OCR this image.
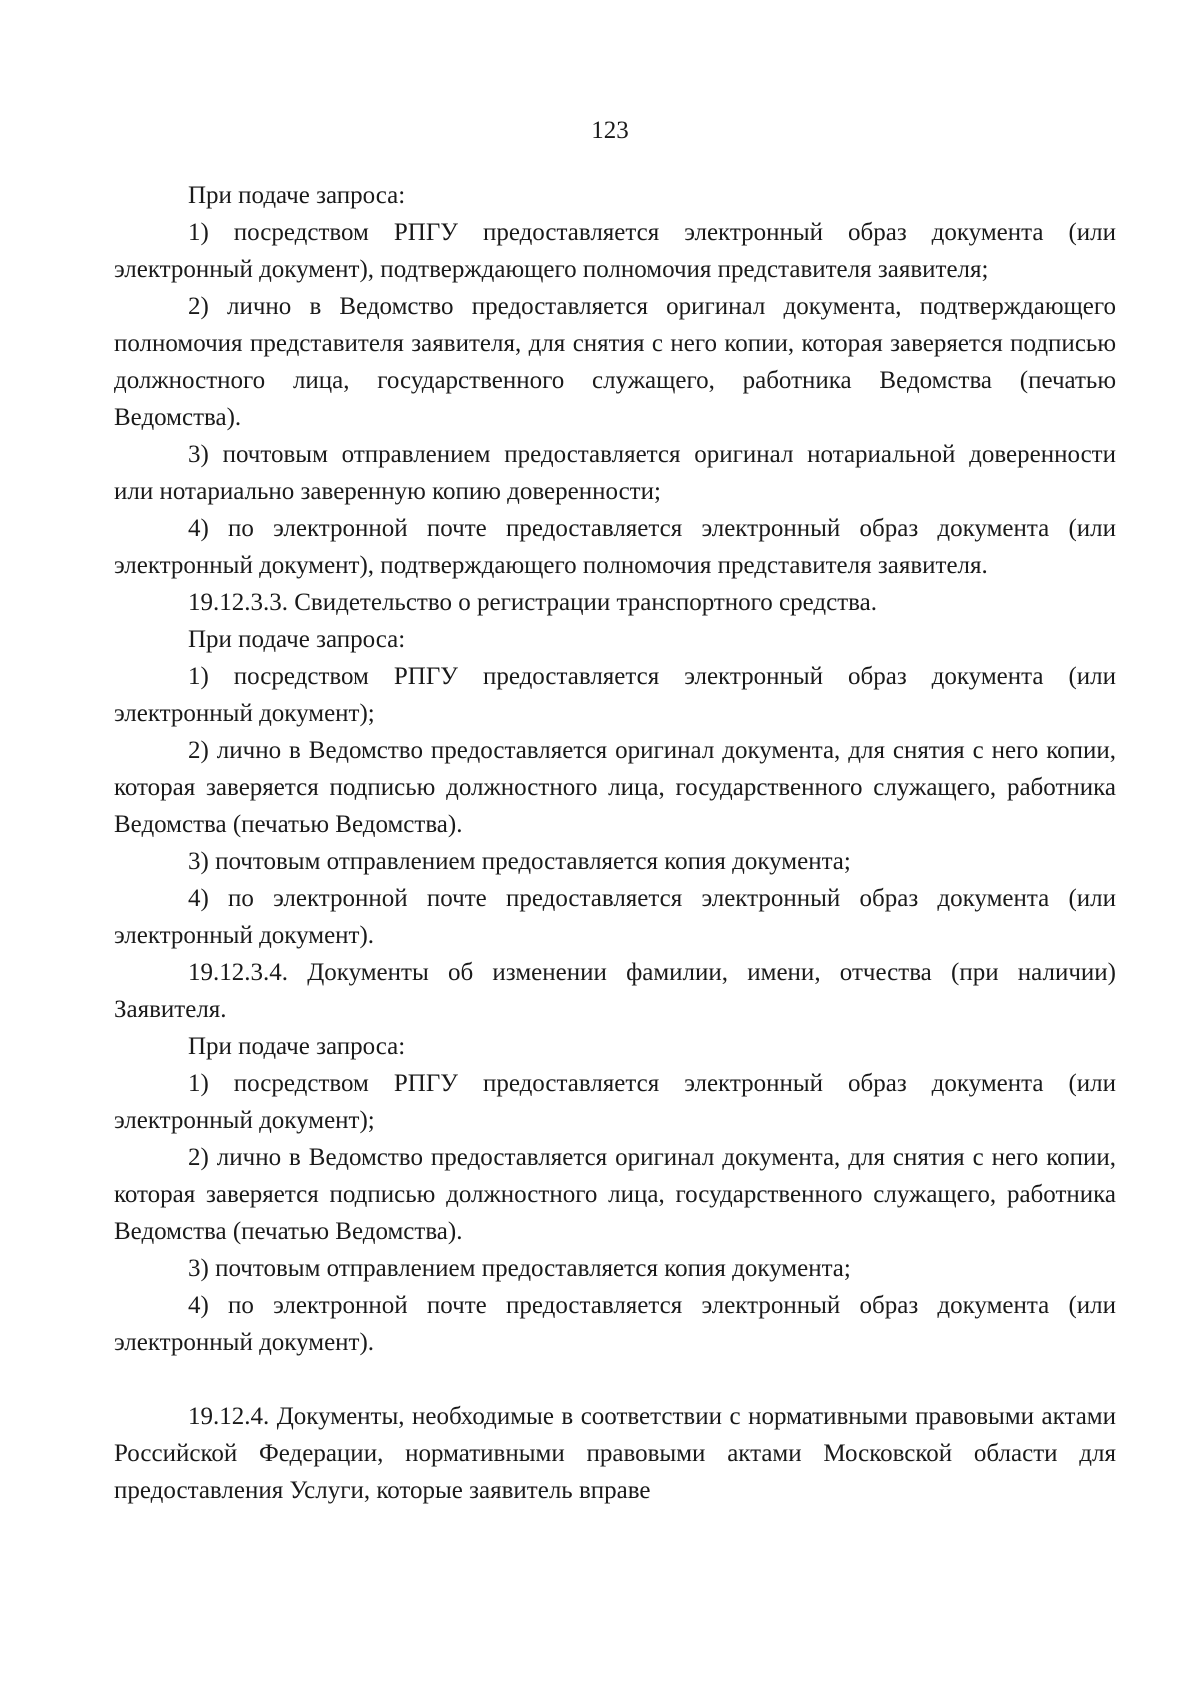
123

При подаче запроса:

1) посредством РПГУ предоставляется электронный образ документа (или электронный документ), подтверждающего полномочия представителя заявителя;

2) лично в Ведомство предоставляется оригинал документа, подтверждающего полномочия представителя заявителя, для снятия с него копии, которая заверяется подписью должностного лица, государственного служащего, работника Ведомства (печатью Ведомства).

3) почтовым отправлением предоставляется оригинал нотариальной доверенности или нотариально заверенную копию доверенности;

4) по электронной почте предоставляется электронный образ документа (или электронный документ), подтверждающего полномочия представителя заявителя.

19.12.3.3. Свидетельство о регистрации транспортного средства.

При подаче запроса:

1) посредством РПГУ предоставляется электронный образ документа (или электронный документ);

2) лично в Ведомство предоставляется оригинал документа, для снятия с него копии, которая заверяется подписью должностного лица, государственного служащего, работника Ведомства (печатью Ведомства).

3) почтовым отправлением предоставляется копия документа;

4) по электронной почте предоставляется электронный образ документа (или электронный документ).

19.12.3.4. Документы об изменении фамилии, имени, отчества (при наличии) Заявителя.

При подаче запроса:

1) посредством РПГУ предоставляется электронный образ документа (или электронный документ);

2) лично в Ведомство предоставляется оригинал документа, для снятия с него копии, которая заверяется подписью должностного лица, государственного служащего, работника Ведомства (печатью Ведомства).

3) почтовым отправлением предоставляется копия документа;

4) по электронной почте предоставляется электронный образ документа (или электронный документ).

19.12.4. Документы, необходимые в соответствии с нормативными правовыми актами Российской Федерации, нормативными правовыми актами Московской области для предоставления Услуги, которые заявитель вправе
